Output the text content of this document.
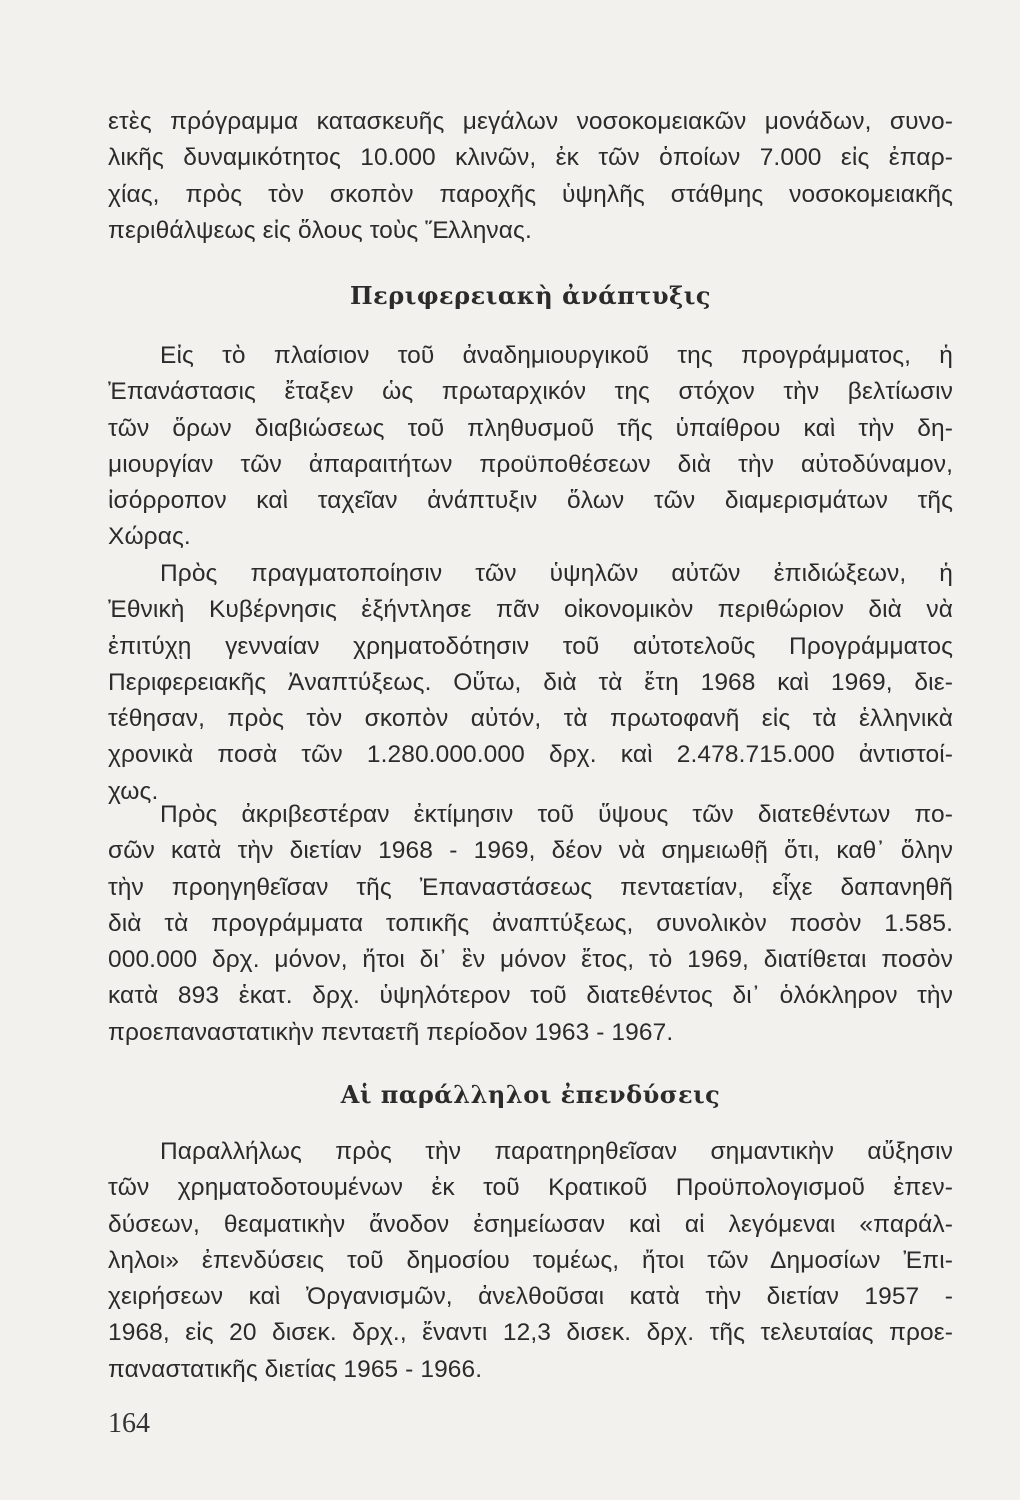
ετὲς πρόγραμμα κατασκευῆς μεγάλων νοσοκομειακῶν μονάδων, συνο-
λικῆς δυναμικότητος 10.000 κλινῶν, ἐκ τῶν ὁποίων 7.000 εἰς ἐπαρ-
χίας, πρὸς τὸν σκοπὸν παροχῆς ὑψηλῆς στάθμης νοσοκομειακῆς
περιθάλψεως εἰς ὅλους τοὺς Ἕλληνας.
Περιφερειακὴ ἀνάπτυξις
Εἰς τὸ πλαίσιον τοῦ ἀναδημιουργικοῦ της προγράμματος, ἡ
Ἐπανάστασις ἔταξεν ὡς πρωταρχικόν της στόχον τὴν βελτίωσιν
τῶν ὅρων διαβιώσεως τοῦ πληθυσμοῦ τῆς ὑπαίθρου καὶ τὴν δη-
μιουργίαν τῶν ἀπαραιτήτων προϋποθέσεων διὰ τὴν αὐτοδύναμον,
ἰσόρροπον καὶ ταχεῖαν ἀνάπτυξιν ὅλων τῶν διαμερισμάτων τῆς
Χώρας.
Πρὸς πραγματοποίησιν τῶν ὑψηλῶν αὐτῶν ἐπιδιώξεων, ἡ
Ἐθνικὴ Κυβέρνησις ἐξήντλησε πᾶν οἰκονομικὸν περιθώριον διὰ νὰ
ἐπιτύχῃ γενναίαν χρηματοδότησιν τοῦ αὐτοτελοῦς Προγράμματος
Περιφερειακῆς Ἀναπτύξεως. Οὕτω, διὰ τὰ ἔτη 1968 καὶ 1969, διε-
τέθησαν, πρὸς τὸν σκοπὸν αὐτόν, τὰ πρωτοφανῆ εἰς τὰ ἑλληνικὰ
χρονικὰ ποσὰ τῶν 1.280.000.000 δρχ. καὶ 2.478.715.000 ἀντιστοί-
χως.
Πρὸς ἀκριβεστέραν ἐκτίμησιν τοῦ ὕψους τῶν διατεθέντων πο-
σῶν κατὰ τὴν διετίαν 1968 - 1969, δέον νὰ σημειωθῇ ὅτι, καθ᾽ ὅλην
τὴν προηγηθεῖσαν τῆς Ἐπαναστάσεως πενταετίαν, εἶχε δαπανηθῆ
διὰ τὰ προγράμματα τοπικῆς ἀναπτύξεως, συνολικὸν ποσὸν 1.585.
000.000 δρχ. μόνον, ἤτοι δι᾽ ἓν μόνον ἔτος, τὸ 1969, διατίθεται ποσὸν
κατὰ 893 ἑκατ. δρχ. ὑψηλότερον τοῦ διατεθέντος δι᾽ ὁλόκληρον τὴν
προεπαναστατικὴν πενταετῆ περίοδον 1963 - 1967.
Αἱ παράλληλοι ἐπενδύσεις
Παραλλήλως πρὸς τὴν παρατηρηθεῖσαν σημαντικὴν αὔξησιν
τῶν χρηματοδοτουμένων ἐκ τοῦ Κρατικοῦ Προϋπολογισμοῦ ἐπεν-
δύσεων, θεαματικὴν ἄνοδον ἐσημείωσαν καὶ αἱ λεγόμεναι «παράλ-
ληλοι» ἐπενδύσεις τοῦ δημοσίου τομέως, ἤτοι τῶν Δημοσίων Ἐπι-
χειρήσεων καὶ Ὀργανισμῶν, ἀνελθοῦσαι κατὰ τὴν διετίαν 1957 -
1968, εἰς 20 δισεκ. δρχ., ἔναντι 12,3 δισεκ. δρχ. τῆς τελευταίας προε-
παναστατικῆς διετίας 1965 - 1966.
164
